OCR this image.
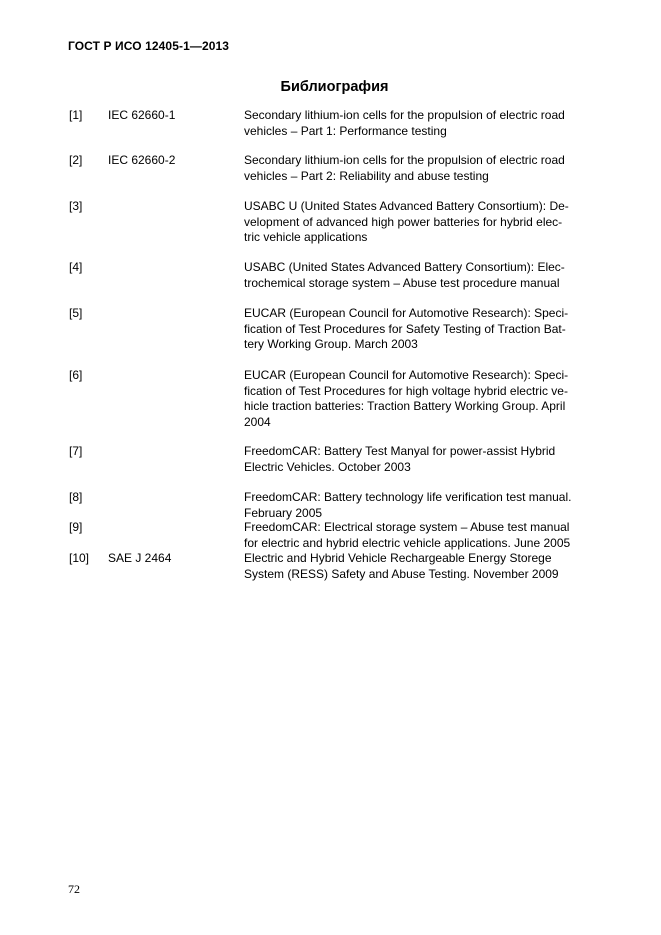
ГОСТ Р ИСО 12405-1—2013
Библиография
[1] IEC 62660-1	Secondary lithium-ion cells for the propulsion of electric road
vehicles – Part 1: Performance testing
[2] IEC 62660-2	Secondary lithium-ion cells for the propulsion of electric road
vehicles – Part 2: Reliability and abuse testing
[3]	USABC U (United States Advanced Battery Consortium): De-
velopment of advanced high power batteries for hybrid elec-
tric vehicle applications
[4]	USABC (United States Advanced Battery Consortium): Elec-
trochemical storage system – Abuse test procedure manual
[5]	EUCAR (European Council for Automotive Research): Speci-
fication of Test Procedures for Safety Testing of Traction Bat-
tery Working Group. March 2003
[6]	EUCAR (European Council for Automotive Research): Speci-
fication of Test Procedures for high voltage hybrid electric ve-
hicle traction batteries: Traction Battery Working Group. April
2004
[7]	FreedomCAR: Battery Test Manyal for power-assist Hybrid
Electric Vehicles. October 2003
[8]	FreedomCAR: Battery technology life verification test manual.
February 2005
[9]	FreedomCAR: Electrical storage system – Abuse test manual
for electric and hybrid electric vehicle applications. June 2005
[10] SAE J 2464	Electric and Hybrid Vehicle Rechargeable Energy Storege
System (RESS) Safety and Abuse Testing. November 2009
72
